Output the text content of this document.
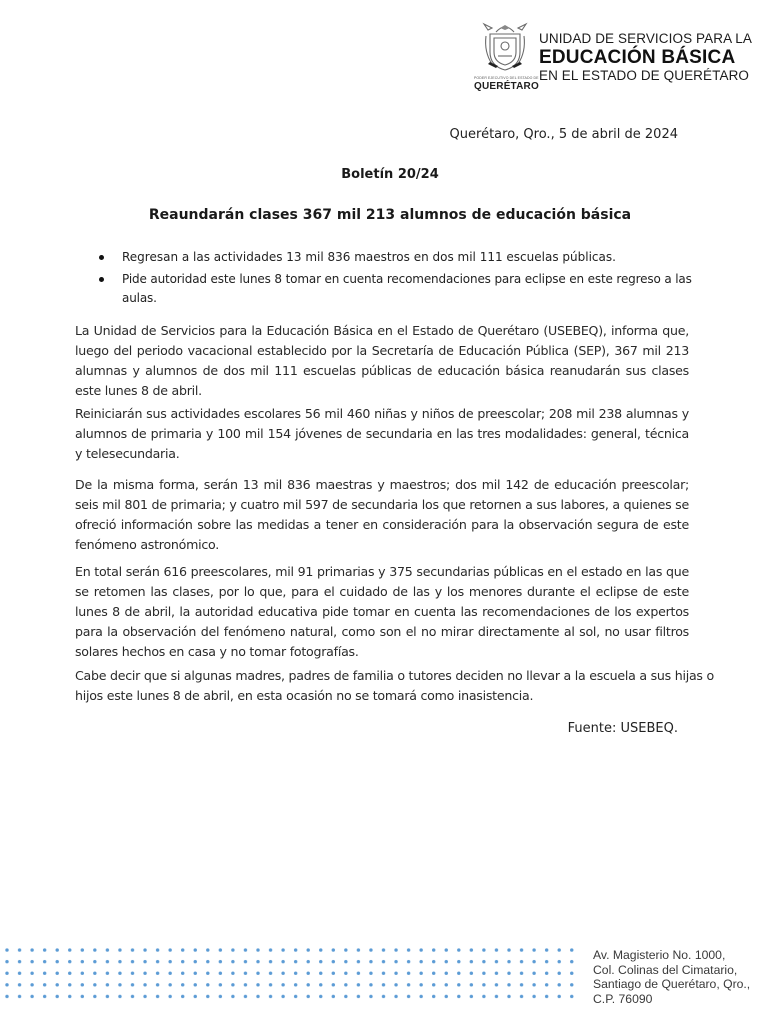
PODER EJECUTIVO DEL ESTADO DE
QUERÉTARO
UNIDAD DE SERVICIOS PARA LA
EDUCACIÓN BÁSICA
EN EL ESTADO DE QUERÉTARO
Querétaro, Qro., 5 de abril de 2024
Boletín 20/24
Reaundarán clases 367 mil 213 alumnos de educación básica
Regresan a las actividades 13 mil 836 maestros en dos mil 111 escuelas públicas.
Pide autoridad este lunes 8 tomar en cuenta recomendaciones para eclipse en este regreso a las aulas.

La Unidad de Servicios para la Educación Básica en el Estado de Querétaro (USEBEQ), informa que, luego del periodo vacacional establecido por la Secretaría de Educación Pública (SEP), 367 mil 213 alumnas y alumnos de dos mil 111 escuelas públicas de educación básica reanudarán sus clases este lunes 8 de abril.

Reiniciarán sus actividades escolares 56 mil 460 niñas y niños de preescolar; 208 mil 238 alumnas y alumnos de primaria y 100 mil 154 jóvenes de secundaria en las tres modalidades: general, técnica y telesecundaria.

De la misma forma, serán 13 mil 836 maestras y maestros; dos mil 142 de educación preescolar; seis mil 801 de primaria; y cuatro mil 597 de secundaria los que retornen a sus labores, a quienes se ofreció información sobre las medidas a tener en consideración para la observación segura de este fenómeno astronómico.

En total serán 616 preescolares, mil 91 primarias y 375 secundarias públicas en el estado en las que se retomen las clases, por lo que, para el cuidado de las y los menores durante el eclipse de este lunes 8 de abril, la autoridad educativa pide tomar en cuenta las recomendaciones de los expertos para la observación del fenómeno natural, como son el no mirar directamente al sol, no usar filtros solares hechos en casa y no tomar fotografías.

Cabe decir que si algunas madres, padres de familia o tutores deciden no llevar a la escuela a sus hijas o hijos este lunes 8 de abril, en esta ocasión no se tomará como inasistencia.

Fuente: USEBEQ.
Av. Magisterio No. 1000,
Col. Colinas del Cimatario,
Santiago de Querétaro, Qro.,
C.P. 76090
